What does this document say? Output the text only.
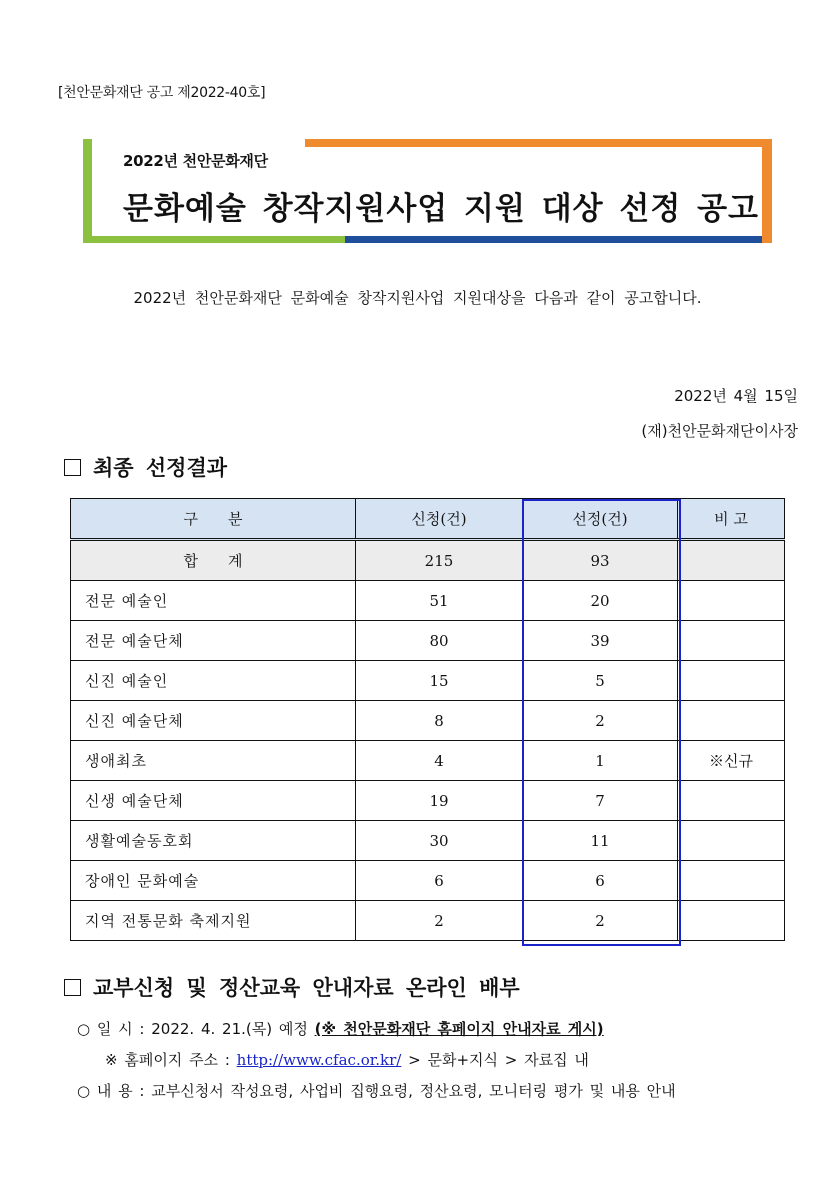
[천안문화재단 공고 제2022-40호]
2022년 천안문화재단
문화예술 창작지원사업 지원 대상 선정 공고
2022년 천안문화재단 문화예술 창작지원사업 지원대상을 다음과 같이 공고합니다.
2022년 4월 15일
(재)천안문화재단이사장
최종 선정결과
구　　분	신청(건)	선정(건)	비 고
합　　계	215	93	
전문 예술인	51	20	
전문 예술단체	80	39	
신진 예술인	15	5	
신진 예술단체	8	2	
생애최초	4	1	※신규
신생 예술단체	19	7	
생활예술동호회	30	11	
장애인 문화예술	6	6	
지역 전통문화 축제지원	2	2	
교부신청 및 정산교육 안내자료 온라인 배부
○ 일 시 : 2022. 4. 21.(목) 예정 (※ 천안문화재단 홈페이지 안내자료 게시)
※ 홈페이지 주소 : http://www.cfac.or.kr/ > 문화+지식 > 자료집 내
○ 내 용 : 교부신청서 작성요령, 사업비 집행요령, 정산요령, 모니터링 평가 및 내용 안내
